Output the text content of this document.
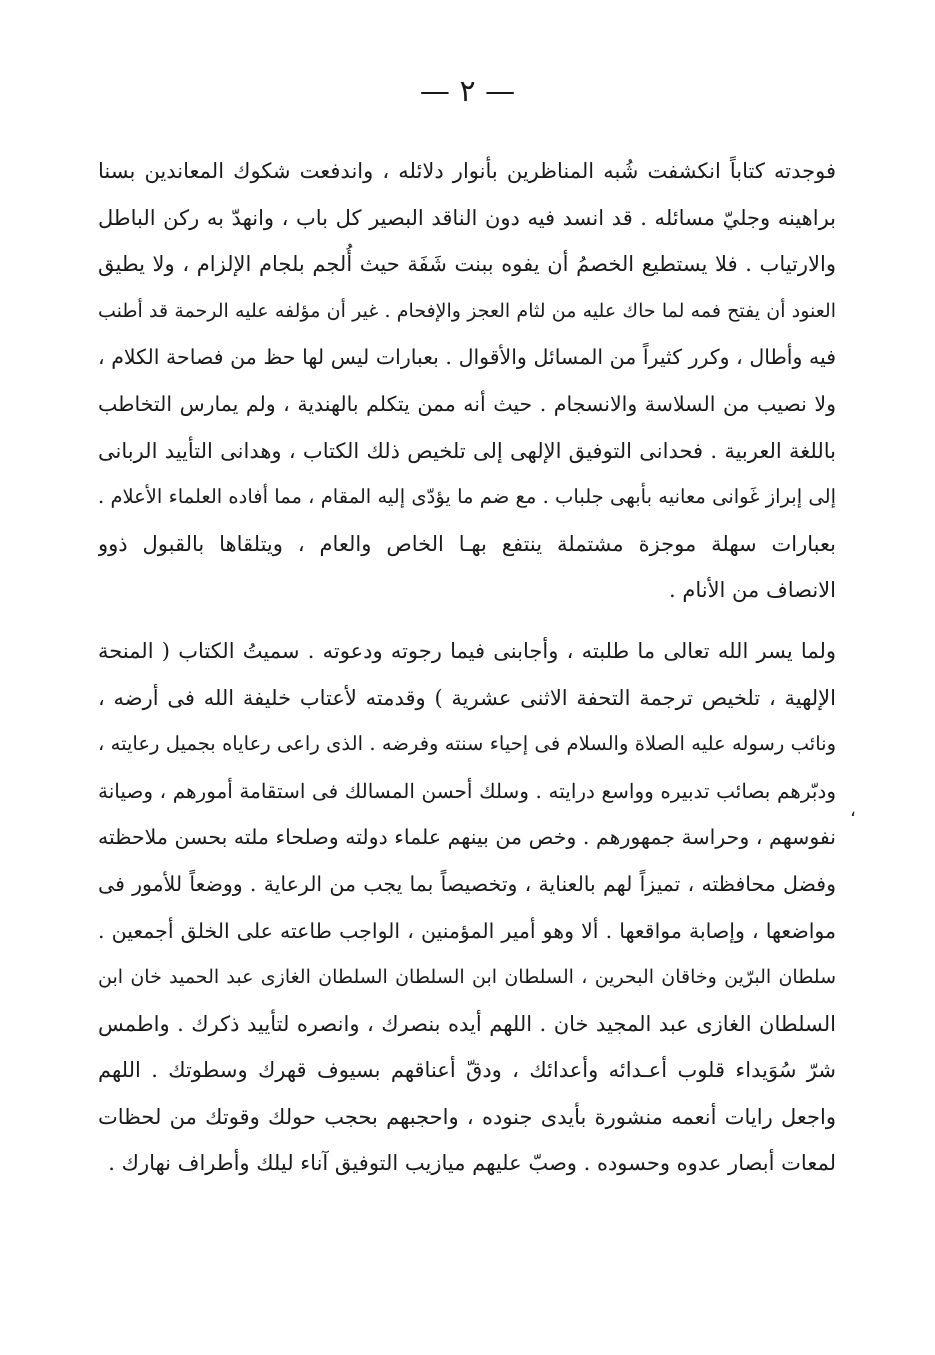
— ٢ —
فوجدته كتاباً انكشفت شُبه المناظرين بأنوار دلائله ، واندفعت شكوك المعاندين بسنا
براهينه وجليّ مسائله . قد انسد فيه دون الناقد البصير كل باب ، وانهدّ به ركن الباطل
والارتياب . فلا يستطيع الخصمُ أن يفوه ببنت شَفَة حيث أُلجم بلجام الإلزام ، ولا يطيق
العنود أن يفتح فمه لما حاك عليه من لثام العجز والإفحام . غير أن مؤلفه عليه الرحمة قد أطنب
فيه وأطال ، وكرر كثيراً من المسائل والأقوال . بعبارات ليس لها حظ من فصاحة الكلام ،
ولا نصيب من السلاسة والانسجام . حيث أنه ممن يتكلم بالهندية ، ولم يمارس التخاطب
باللغة العربية . فحدانى التوفيق الإلهى إلى تلخيص ذلك الكتاب ، وهدانى التأييد الربانى
إلى إبراز غَوانى معانيه بأبهى جلباب . مع ضم ما يؤدّى إليه المقام ، مما أفاده العلماء الأعلام .
بعبارات سهلة موجزة مشتملة ينتفع بهـا الخاص والعام ، ويتلقاها بالقبول ذوو
الانصاف من الأنام .
ولما يسر الله تعالى ما طلبته ، وأجابنى فيما رجوته ودعوته . سميتُ الكتاب ( المنحة
الإلهية ، تلخيص ترجمة التحفة الاثنى عشرية ) وقدمته لأعتاب خليفة الله فى أرضه ،
ونائب رسوله عليه الصلاة والسلام فى إحياء سنته وفرضه . الذى راعى رعاياه بجميل رعايته ،
ودبّرهم بصائب تدبيره وواسع درايته . وسلك أحسن المسالك فى استقامة أمورهم ، وصيانة
نفوسهم ، وحراسة جمهورهم . وخص من بينهم علماء دولته وصلحاء ملته بحسن ملاحظته
وفضل محافظته ، تميزاً لهم بالعناية ، وتخصيصاً بما يجب من الرعاية . ووضعاً للأمور فى
مواضعها ، وإصابة مواقعها . ألا وهو أمير المؤمنين ، الواجب طاعته على الخلق أجمعين .
سلطان البرّين وخاقان البحرين ، السلطان ابن السلطان السلطان الغازى عبد الحميد خان ابن
السلطان الغازى عبد المجيد خان . اللهم أيده بنصرك ، وانصره لتأييد ذكرك . واطمس
شرّ سُوَيداء قلوب أعـدائه وأعدائك ، ودقّ أعناقهم بسيوف قهرك وسطوتك . اللهم
واجعل رايات أنعمه منشورة بأيدى جنوده ، واحجبهم بحجب حولك وقوتك من لحظات
لمعات أبصار عدوه وحسوده . وصبّ عليهم ميازيب التوفيق آناء ليلك وأطراف نهارك .
،
